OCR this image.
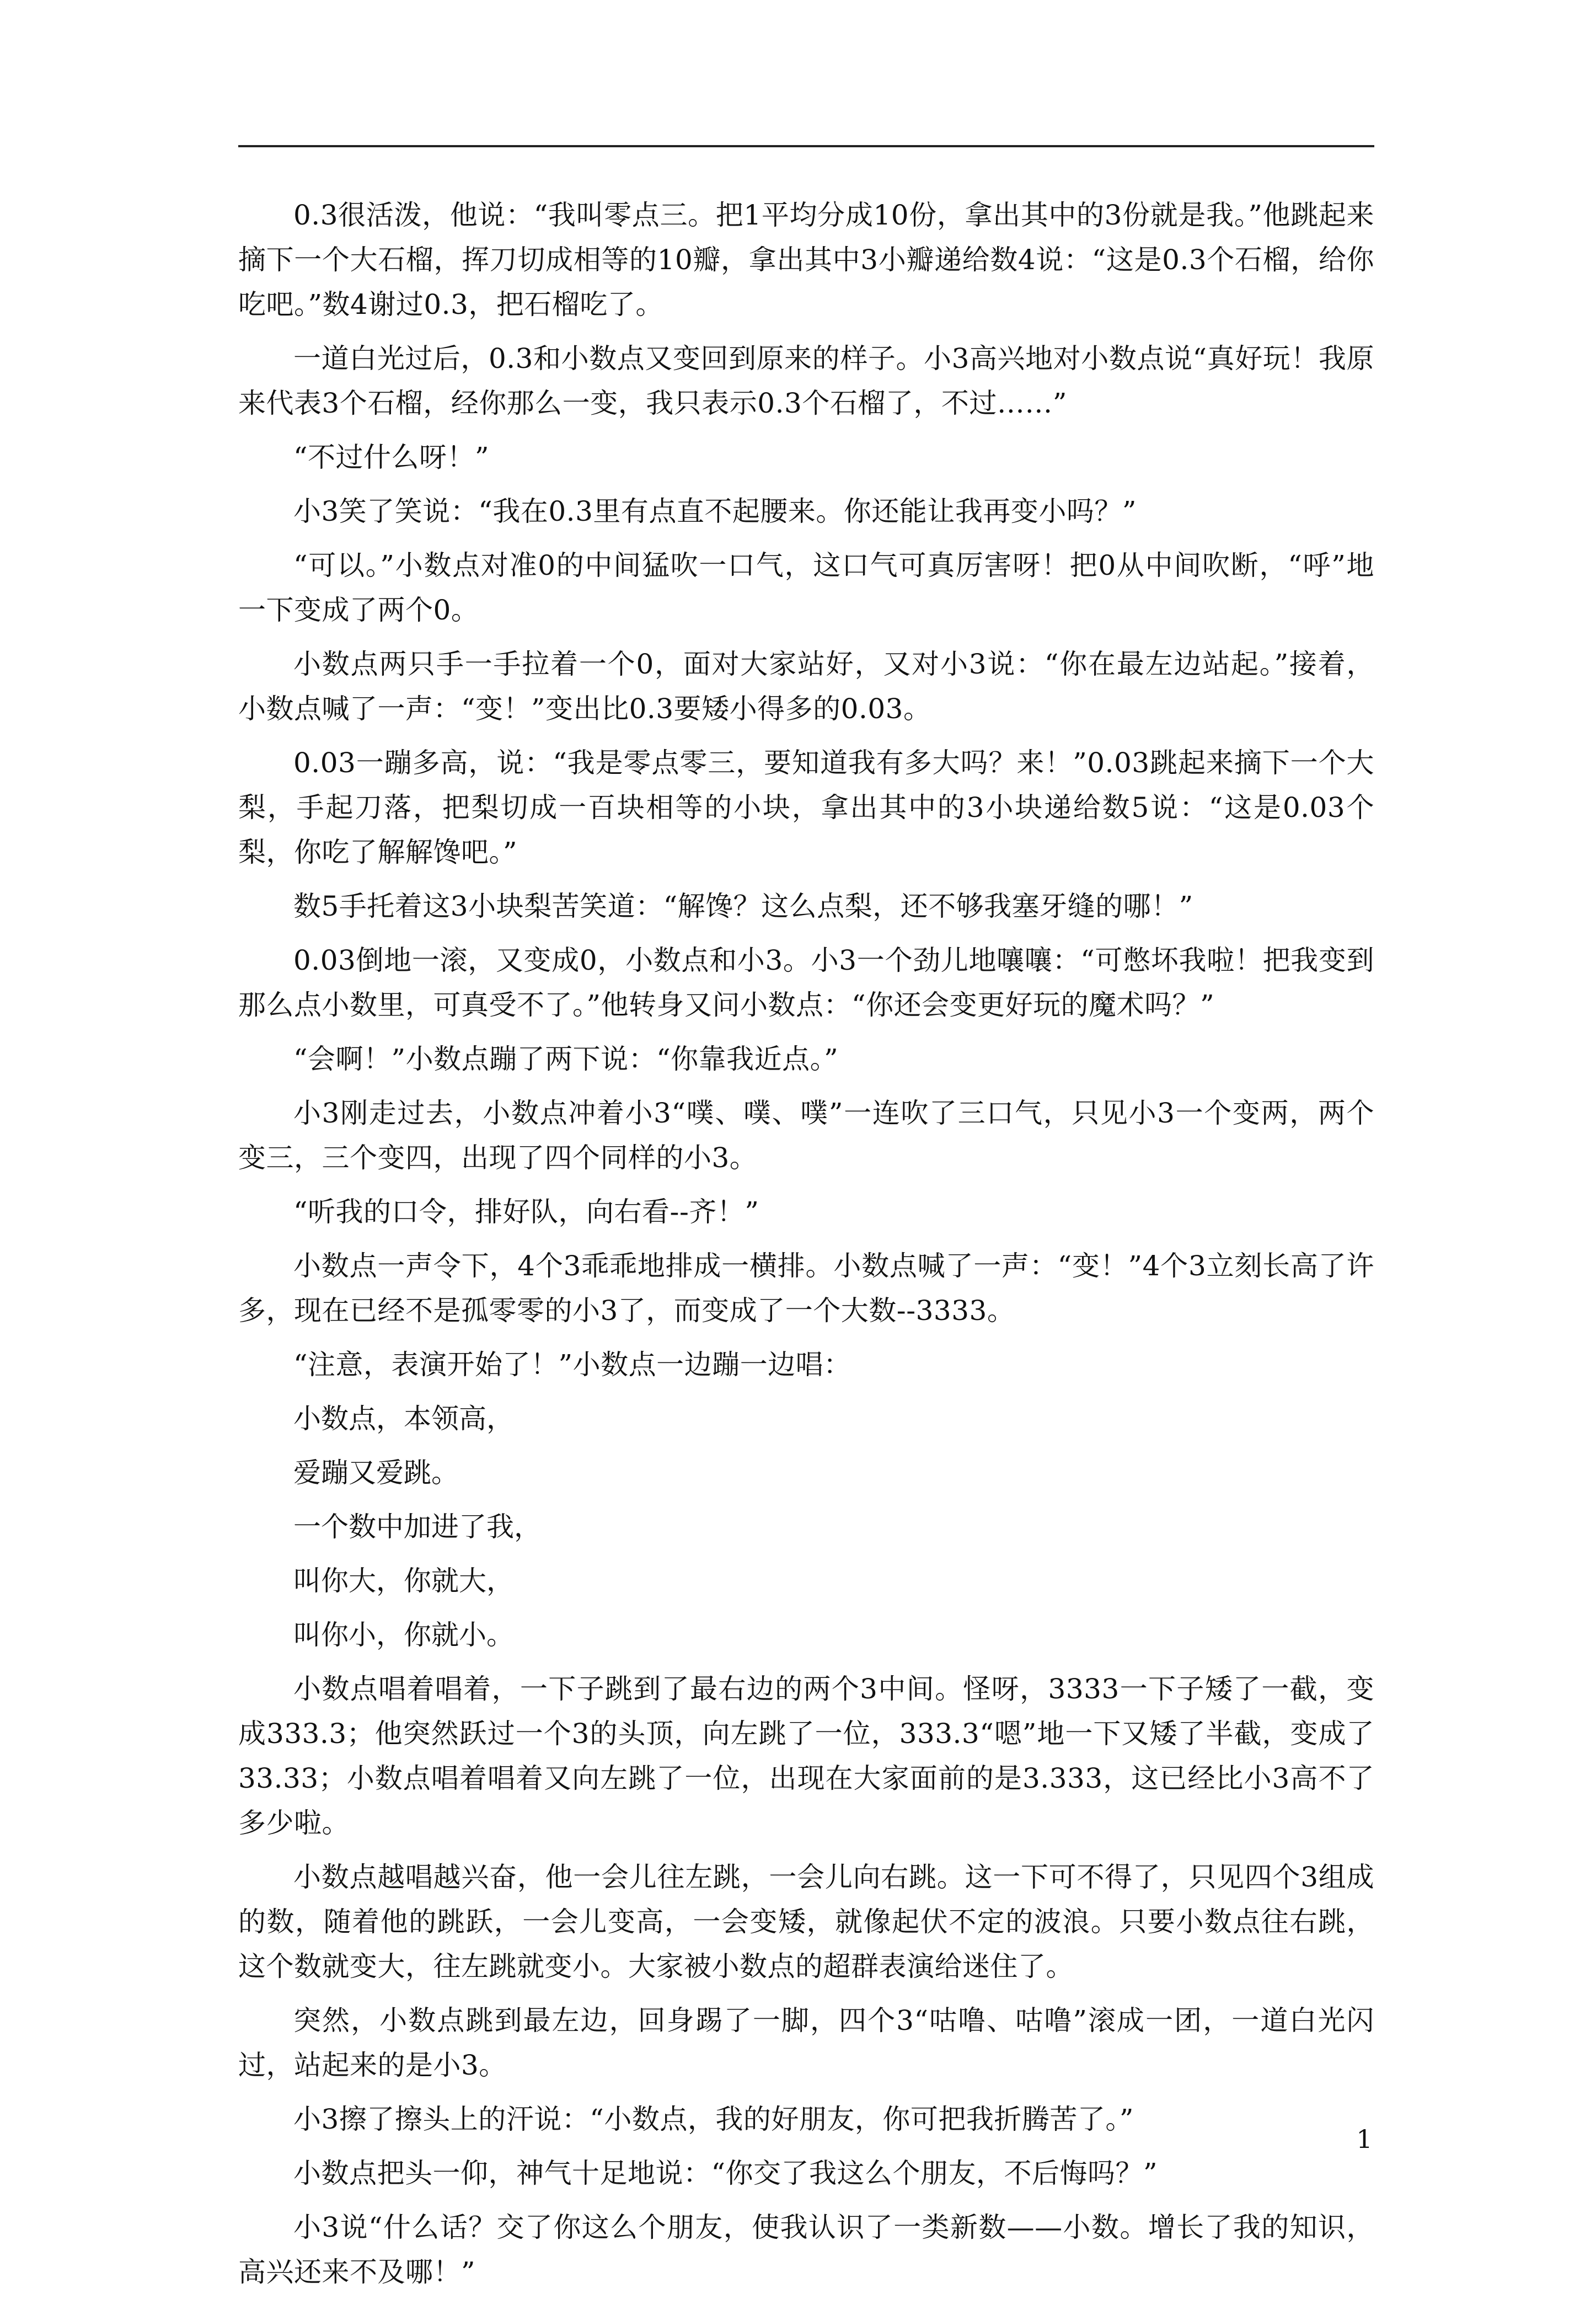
0.3很活泼，他说：“我叫零点三。把1平均分成10份，拿出其中的3份就是我。”他跳起来摘下一个大石榴，挥刀切成相等的10瓣，拿出其中3小瓣递给数4说：“这是0.3个石榴，给你吃吧。”数4谢过0.3，把石榴吃了。

一道白光过后，0.3和小数点又变回到原来的样子。小3高兴地对小数点说“真好玩！我原来代表3个石榴，经你那么一变，我只表示0.3个石榴了，不过……”

“不过什么呀！”

小3笑了笑说：“我在0.3里有点直不起腰来。你还能让我再变小吗？”

“可以。”小数点对准0的中间猛吹一口气，这口气可真厉害呀！把0从中间吹断，“呼”地一下变成了两个0。

小数点两只手一手拉着一个0，面对大家站好，又对小3说：“你在最左边站起。”接着，小数点喊了一声：“变！”变出比0.3要矮小得多的0.03。

0.03一蹦多高，说：“我是零点零三，要知道我有多大吗？来！”0.03跳起来摘下一个大梨，手起刀落，把梨切成一百块相等的小块，拿出其中的3小块递给数5说：“这是0.03个梨，你吃了解解馋吧。”

数5手托着这3小块梨苦笑道：“解馋？这么点梨，还不够我塞牙缝的哪！”

0.03倒地一滚，又变成0，小数点和小3。小3一个劲儿地嚷嚷：“可憋坏我啦！把我变到那么点小数里，可真受不了。”他转身又问小数点：“你还会变更好玩的魔术吗？”

“会啊！”小数点蹦了两下说：“你靠我近点。”

小3刚走过去，小数点冲着小3“噗、噗、噗”一连吹了三口气，只见小3一个变两，两个变三，三个变四，出现了四个同样的小3。

“听我的口令，排好队，向右看--齐！”

小数点一声令下，4个3乖乖地排成一横排。小数点喊了一声：“变！”4个3立刻长高了许多，现在已经不是孤零零的小3了，而变成了一个大数--3333。

“注意，表演开始了！”小数点一边蹦一边唱：

小数点，本领高，

爱蹦又爱跳。

一个数中加进了我，

叫你大，你就大，

叫你小，你就小。

小数点唱着唱着，一下子跳到了最右边的两个3中间。怪呀，3333一下子矮了一截，变成333.3；他突然跃过一个3的头顶，向左跳了一位，333.3“嗯”地一下又矮了半截，变成了33.33；小数点唱着唱着又向左跳了一位，出现在大家面前的是3.333，这已经比小3高不了多少啦。

小数点越唱越兴奋，他一会儿往左跳，一会儿向右跳。这一下可不得了，只见四个3组成的数，随着他的跳跃，一会儿变高，一会变矮，就像起伏不定的波浪。只要小数点往右跳，这个数就变大，往左跳就变小。大家被小数点的超群表演给迷住了。

突然，小数点跳到最左边，回身踢了一脚，四个3“咕噜、咕噜”滚成一团，一道白光闪过，站起来的是小3。

小3擦了擦头上的汗说：“小数点，我的好朋友，你可把我折腾苦了。”

小数点把头一仰，神气十足地说：“你交了我这么个朋友，不后悔吗？”

小3说“什么话？交了你这么个朋友，使我认识了一类新数——小数。增长了我的知识，高兴还来不及哪！”

1
